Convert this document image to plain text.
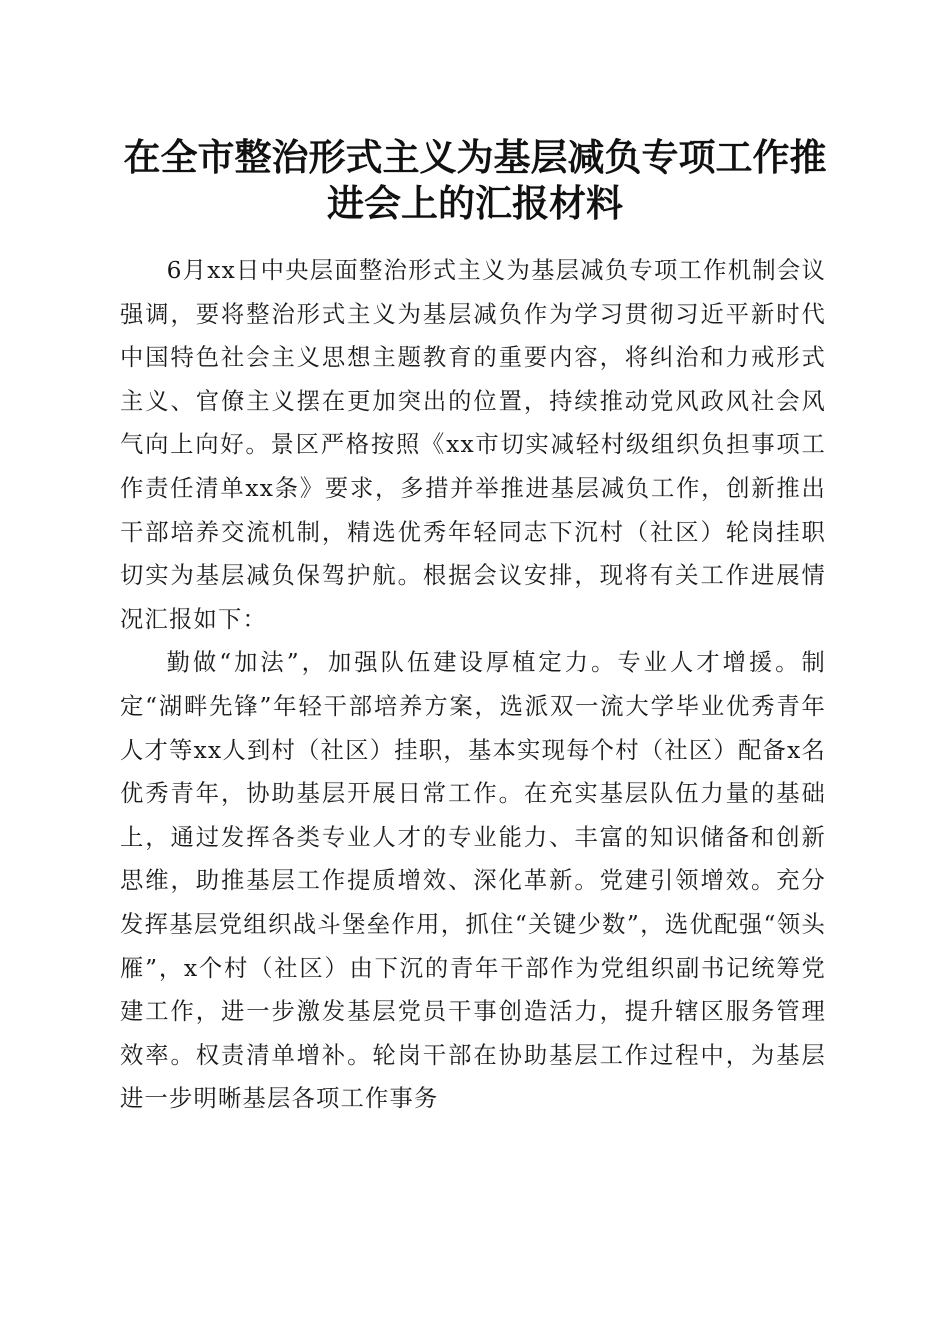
在全市整治形式主义为基层减负专项工作推进会上的汇报材料

6月xx日中央层面整治形式主义为基层减负专项工作机制会议强调，要将整治形式主义为基层减负作为学习贯彻习近平新时代中国特色社会主义思想主题教育的重要内容，将纠治和力戒形式主义、官僚主义摆在更加突出的位置，持续推动党风政风社会风气向上向好。景区严格按照《xx市切实减轻村级组织负担事项工作责任清单xx条》要求，多措并举推进基层减负工作，创新推出干部培养交流机制，精选优秀年轻同志下沉村（社区）轮岗挂职切实为基层减负保驾护航。根据会议安排，现将有关工作进展情况汇报如下：

勤做“加法”，加强队伍建设厚植定力。专业人才增援。制定“湖畔先锋”年轻干部培养方案，选派双一流大学毕业优秀青年人才等xx人到村（社区）挂职，基本实现每个村（社区）配备x名优秀青年，协助基层开展日常工作。在充实基层队伍力量的基础上，通过发挥各类专业人才的专业能力、丰富的知识储备和创新思维，助推基层工作提质增效、深化革新。党建引领增效。充分发挥基层党组织战斗堡垒作用，抓住“关键少数”，选优配强“领头雁”，x个村（社区）由下沉的青年干部作为党组织副书记统筹党建工作，进一步激发基层党员干事创造活力，提升辖区服务管理效率。权责清单增补。轮岗干部在协助基层工作过程中，为基层进一步明晰基层各项工作事务
